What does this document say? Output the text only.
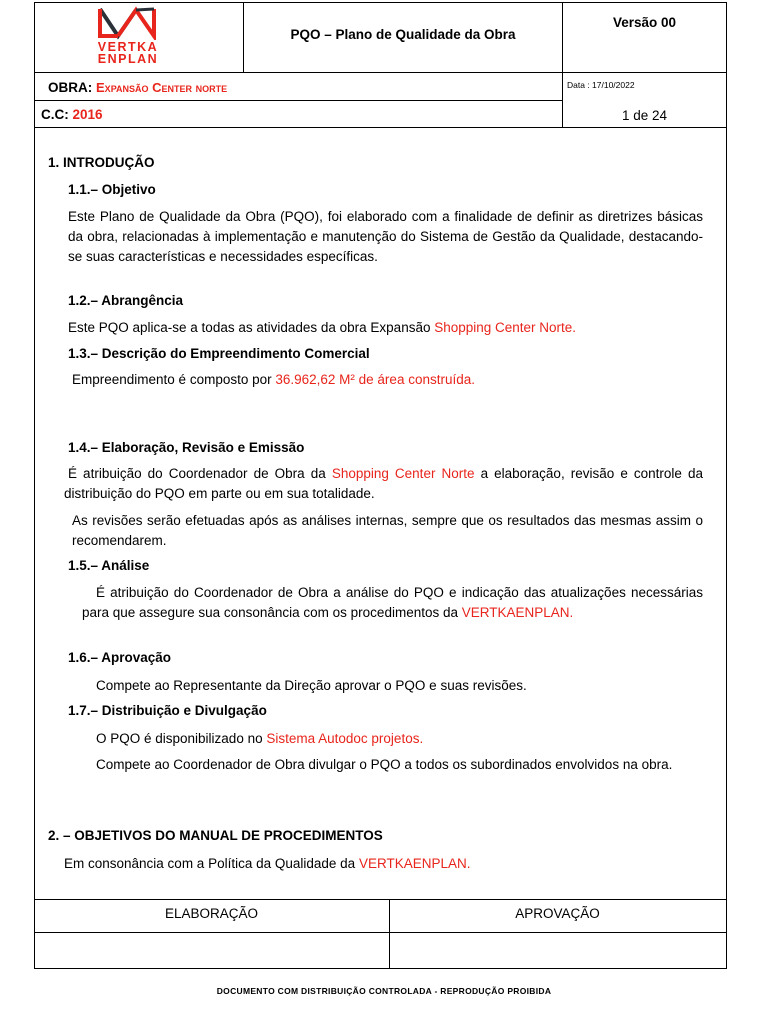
VERTKA
ENPLAN
PQO – Plano de Qualidade da Obra
Versão 00
OBRA: Expansão Center norte	Data : 17/10/2022
C.C: 2016	1 de 24
1. INTRODUÇÃO
1.1.– Objetivo
Este Plano de Qualidade da Obra (PQO), foi elaborado com a finalidade de definir as diretrizes básicas da obra, relacionadas à implementação e manutenção do Sistema de Gestão da Qualidade, destacando-se suas características e necessidades específicas.
1.2.– Abrangência
Este PQO aplica-se a todas as atividades da obra Expansão Shopping Center Norte.
1.3.– Descrição do Empreendimento Comercial
Empreendimento é composto por 36.962,62 M² de área construída.
1.4.– Elaboração, Revisão e Emissão
É atribuição do Coordenador de Obra da Shopping Center Norte a elaboração, revisão e controle da distribuição do PQO em parte ou em sua totalidade.
As revisões serão efetuadas após as análises internas, sempre que os resultados das mesmas assim o recomendarem.
1.5.– Análise
É atribuição do Coordenador de Obra a análise do PQO e indicação das atualizações necessárias para que assegure sua consonância com os procedimentos da VERTKAENPLAN.
1.6.– Aprovação
Compete ao Representante da Direção aprovar o PQO e suas revisões.
1.7.– Distribuição e Divulgação
O PQO é disponibilizado no Sistema Autodoc projetos.
Compete ao Coordenador de Obra divulgar o PQO a todos os subordinados envolvidos na obra.
2. – OBJETIVOS DO MANUAL DE PROCEDIMENTOS
Em consonância com a Política da Qualidade da VERTKAENPLAN.
ELABORAÇÃO	APROVAÇÃO
DOCUMENTO COM DISTRIBUIÇÃO CONTROLADA - REPRODUÇÃO PROIBIDA
